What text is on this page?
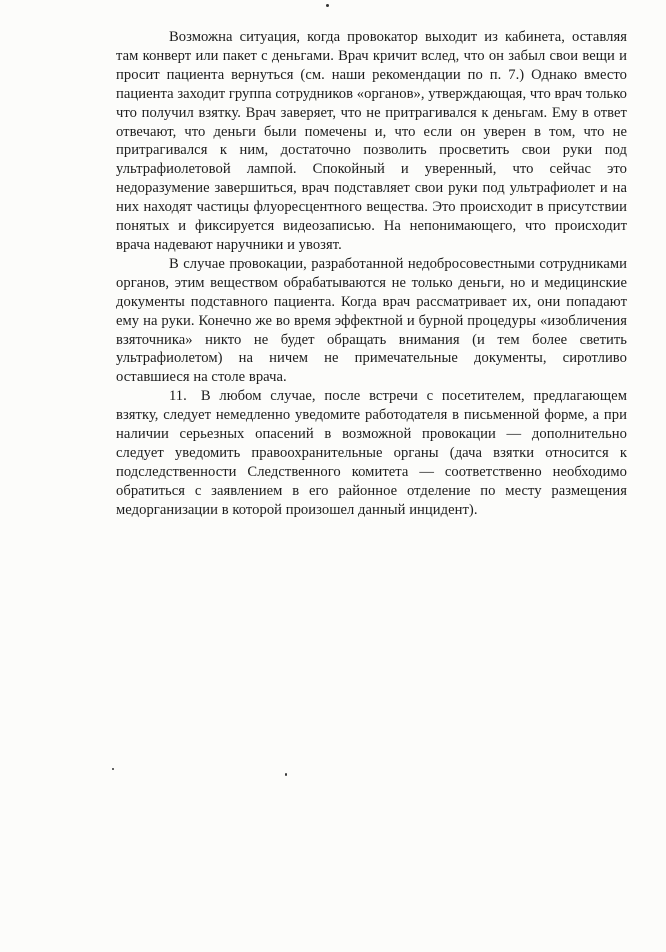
Возможна ситуация, когда провокатор выходит из кабинета, оставляя там конверт или пакет с деньгами. Врач кричит вслед, что он забыл свои вещи и просит пациента вернуться (см. наши рекомендации по п. 7.) Однако вместо пациента заходит группа сотрудников «органов», утверждающая, что врач только что получил взятку. Врач заверяет, что не притрагивался к деньгам. Ему в ответ отвечают, что деньги были помечены и, что если он уверен в том, что не притрагивался к ним, достаточно позволить просветить свои руки под ультрафиолетовой лампой. Спокойный и уверенный, что сейчас это недоразумение завершиться, врач подставляет свои руки под ультрафиолет и на них находят частицы флуоресцентного вещества. Это происходит в присутствии понятых и фиксируется видеозаписью. На непонимающего, что происходит врача надевают наручники и увозят.

В случае провокации, разработанной недобросовестными сотрудниками органов, этим веществом обрабатываются не только деньги, но и медицинские документы подставного пациента. Когда врач рассматривает их, они попадают ему на руки. Конечно же во время эффектной и бурной процедуры «изобличения взяточника» никто не будет обращать внимания (и тем более светить ультрафиолетом) на ничем не примечательные документы, сиротливо оставшиеся на столе врача.

11. В любом случае, после встречи с посетителем, предлагающем взятку, следует немедленно уведомите работодателя в письменной форме, а при наличии серьезных опасений в возможной провокации — дополнительно следует уведомить правоохранительные органы (дача взятки относится к подследственности Следственного комитета — соответственно необходимо обратиться с заявлением в его районное отделение по месту размещения медорганизации в которой произошел данный инцидент).
